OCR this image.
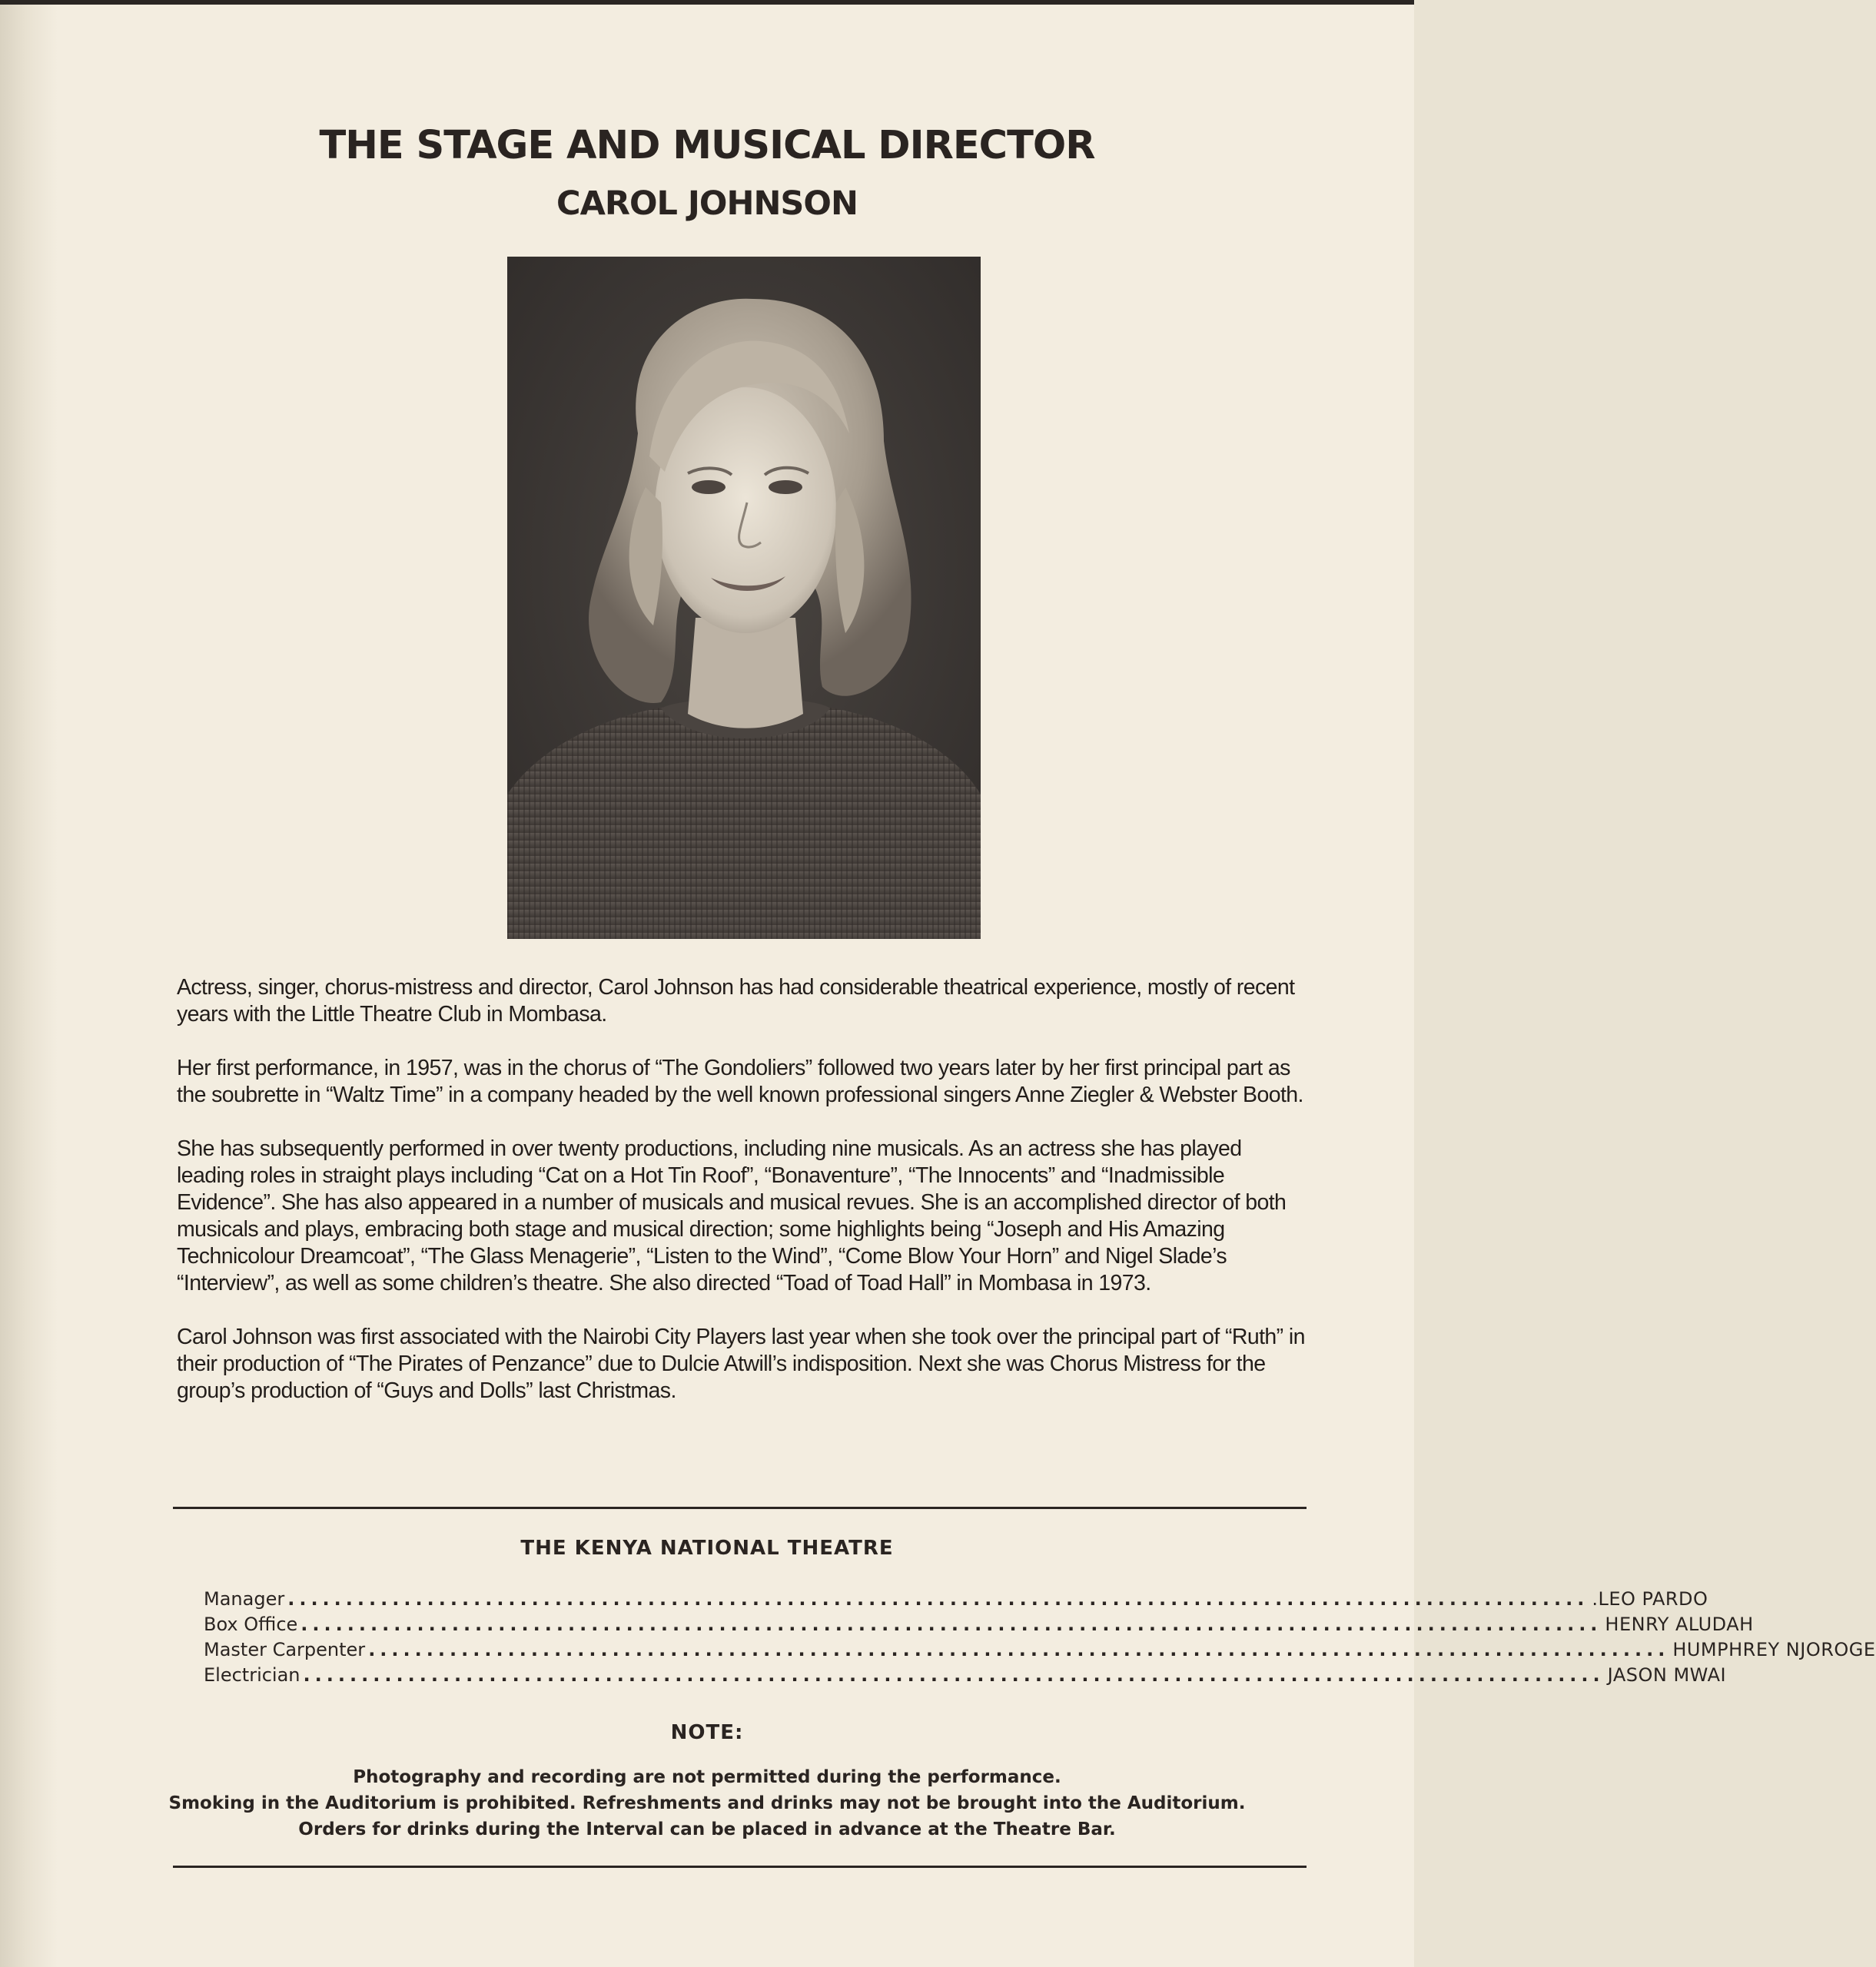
THE STAGE AND MUSICAL DIRECTOR
CAROL JOHNSON

Actress, singer, chorus-mistress and director, Carol Johnson has had considerable theatrical experience, mostly of recent years with the Little Theatre Club in Mombasa.

Her first performance, in 1957, was in the chorus of “The Gondoliers” followed two years later by her first principal part as the soubrette in “Waltz Time” in a company headed by the well known professional singers Anne Ziegler & Webster Booth.

She has subsequently performed in over twenty productions, including nine musicals. As an actress she has played leading roles in straight plays including “Cat on a Hot Tin Roof”, “Bonaventure”, “The Innocents” and “Inadmissible Evidence”. She has also appeared in a number of musicals and musical revues. She is an accomplished director of both musicals and plays, embracing both stage and musical direction; some highlights being “Joseph and His Amazing Technicolour Dreamcoat”, “The Glass Menagerie”, “Listen to the Wind”, “Come Blow Your Horn” and Nigel Slade’s “Interview”, as well as some children’s theatre. She also directed “Toad of Toad Hall” in Mombasa in 1973.

Carol Johnson was first associated with the Nairobi City Players last year when she took over the principal part of “Ruth” in their production of “The Pirates of Penzance” due to Dulcie Atwill’s indisposition. Next she was Chorus Mistress for the group’s production of “Guys and Dolls” last Christmas.

THE KENYA NATIONAL THEATRE
Manager ................................................................................................................ .LEO PARDO
Box Office ................................................................................................................ HENRY ALUDAH
Master Carpenter ................................................................................................................ HUMPHREY NJOROGE
Electrician ................................................................................................................ JASON MWAI
NOTE:
Photography and recording are not permitted during the performance.
Smoking in the Auditorium is prohibited. Refreshments and drinks may not be brought into the Auditorium.
Orders for drinks during the Interval can be placed in advance at the Theatre Bar.
